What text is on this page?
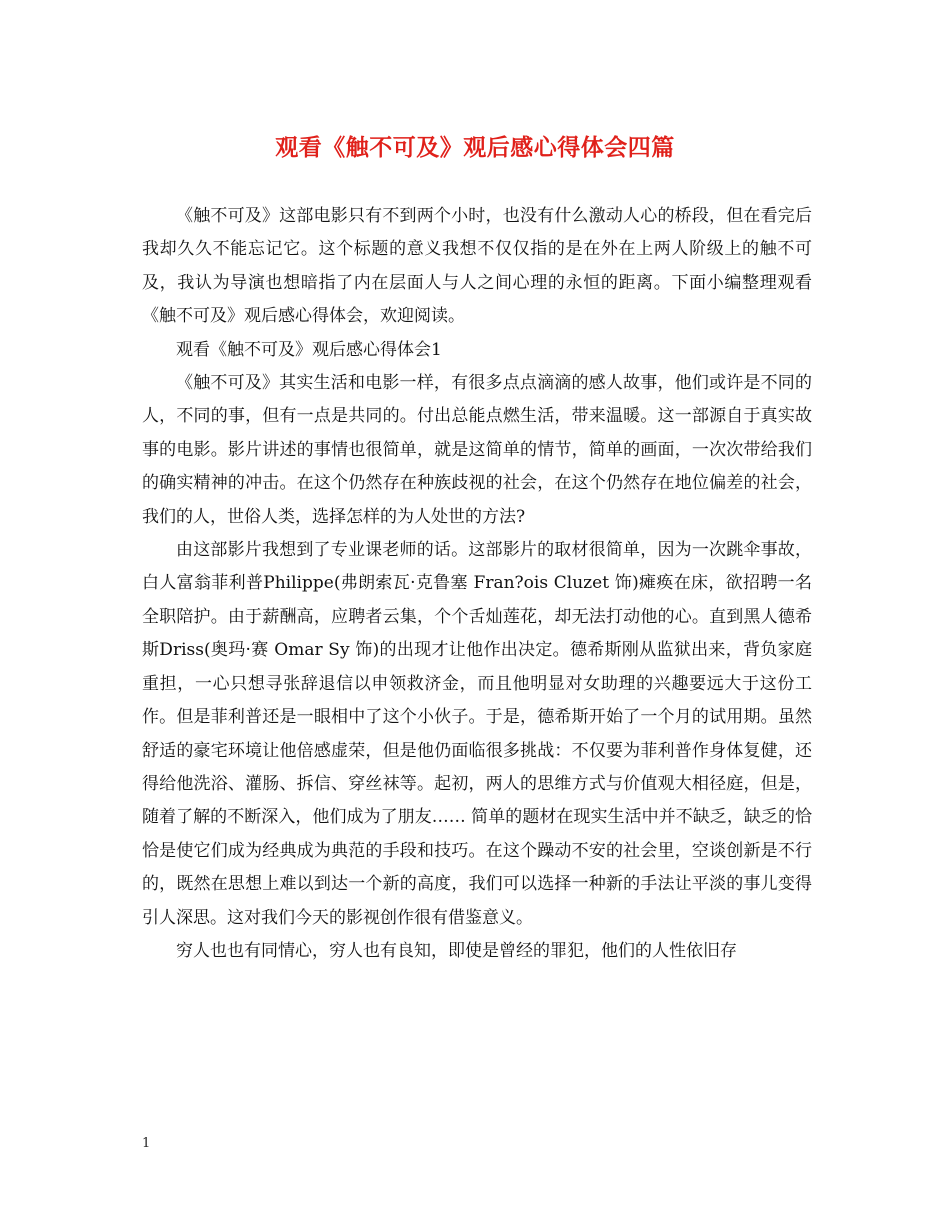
观看《触不可及》观后感心得体会四篇

《触不可及》这部电影只有不到两个小时，也没有什么激动人心的桥段，但在看完后我却久久不能忘记它。这个标题的意义我想不仅仅指的是在外在上两人阶级上的触不可及，我认为导演也想暗指了内在层面人与人之间心理的永恒的距离。下面小编整理观看《触不可及》观后感心得体会，欢迎阅读。

观看《触不可及》观后感心得体会1

《触不可及》其实生活和电影一样，有很多点点滴滴的感人故事，他们或许是不同的人，不同的事，但有一点是共同的。付出总能点燃生活，带来温暖。这一部源自于真实故事的电影。影片讲述的事情也很简单，就是这简单的情节，简单的画面，一次次带给我们的确实精神的冲击。在这个仍然存在种族歧视的社会，在这个仍然存在地位偏差的社会，我们的人，世俗人类，选择怎样的为人处世的方法?

由这部影片我想到了专业课老师的话。这部影片的取材很简单，因为一次跳伞事故，白人富翁菲利普Philippe(弗朗索瓦·克鲁塞 Fran?ois Cluzet 饰)瘫痪在床，欲招聘一名全职陪护。由于薪酬高，应聘者云集，个个舌灿莲花，却无法打动他的心。直到黑人德希斯Driss(奥玛·赛 Omar Sy 饰)的出现才让他作出决定。德希斯刚从监狱出来，背负家庭重担，一心只想寻张辞退信以申领救济金，而且他明显对女助理的兴趣要远大于这份工作。但是菲利普还是一眼相中了这个小伙子。于是，德希斯开始了一个月的试用期。虽然舒适的豪宅环境让他倍感虚荣，但是他仍面临很多挑战：不仅要为菲利普作身体复健，还得给他洗浴、灌肠、拆信、穿丝袜等。起初，两人的思维方式与价值观大相径庭，但是，随着了解的不断深入，他们成为了朋友…… 简单的题材在现实生活中并不缺乏，缺乏的恰恰是使它们成为经典成为典范的手段和技巧。在这个躁动不安的社会里，空谈创新是不行的，既然在思想上难以到达一个新的高度，我们可以选择一种新的手法让平淡的事儿变得引人深思。这对我们今天的影视创作很有借鉴意义。

穷人也也有同情心，穷人也有良知，即使是曾经的罪犯，他们的人性依旧存

1
